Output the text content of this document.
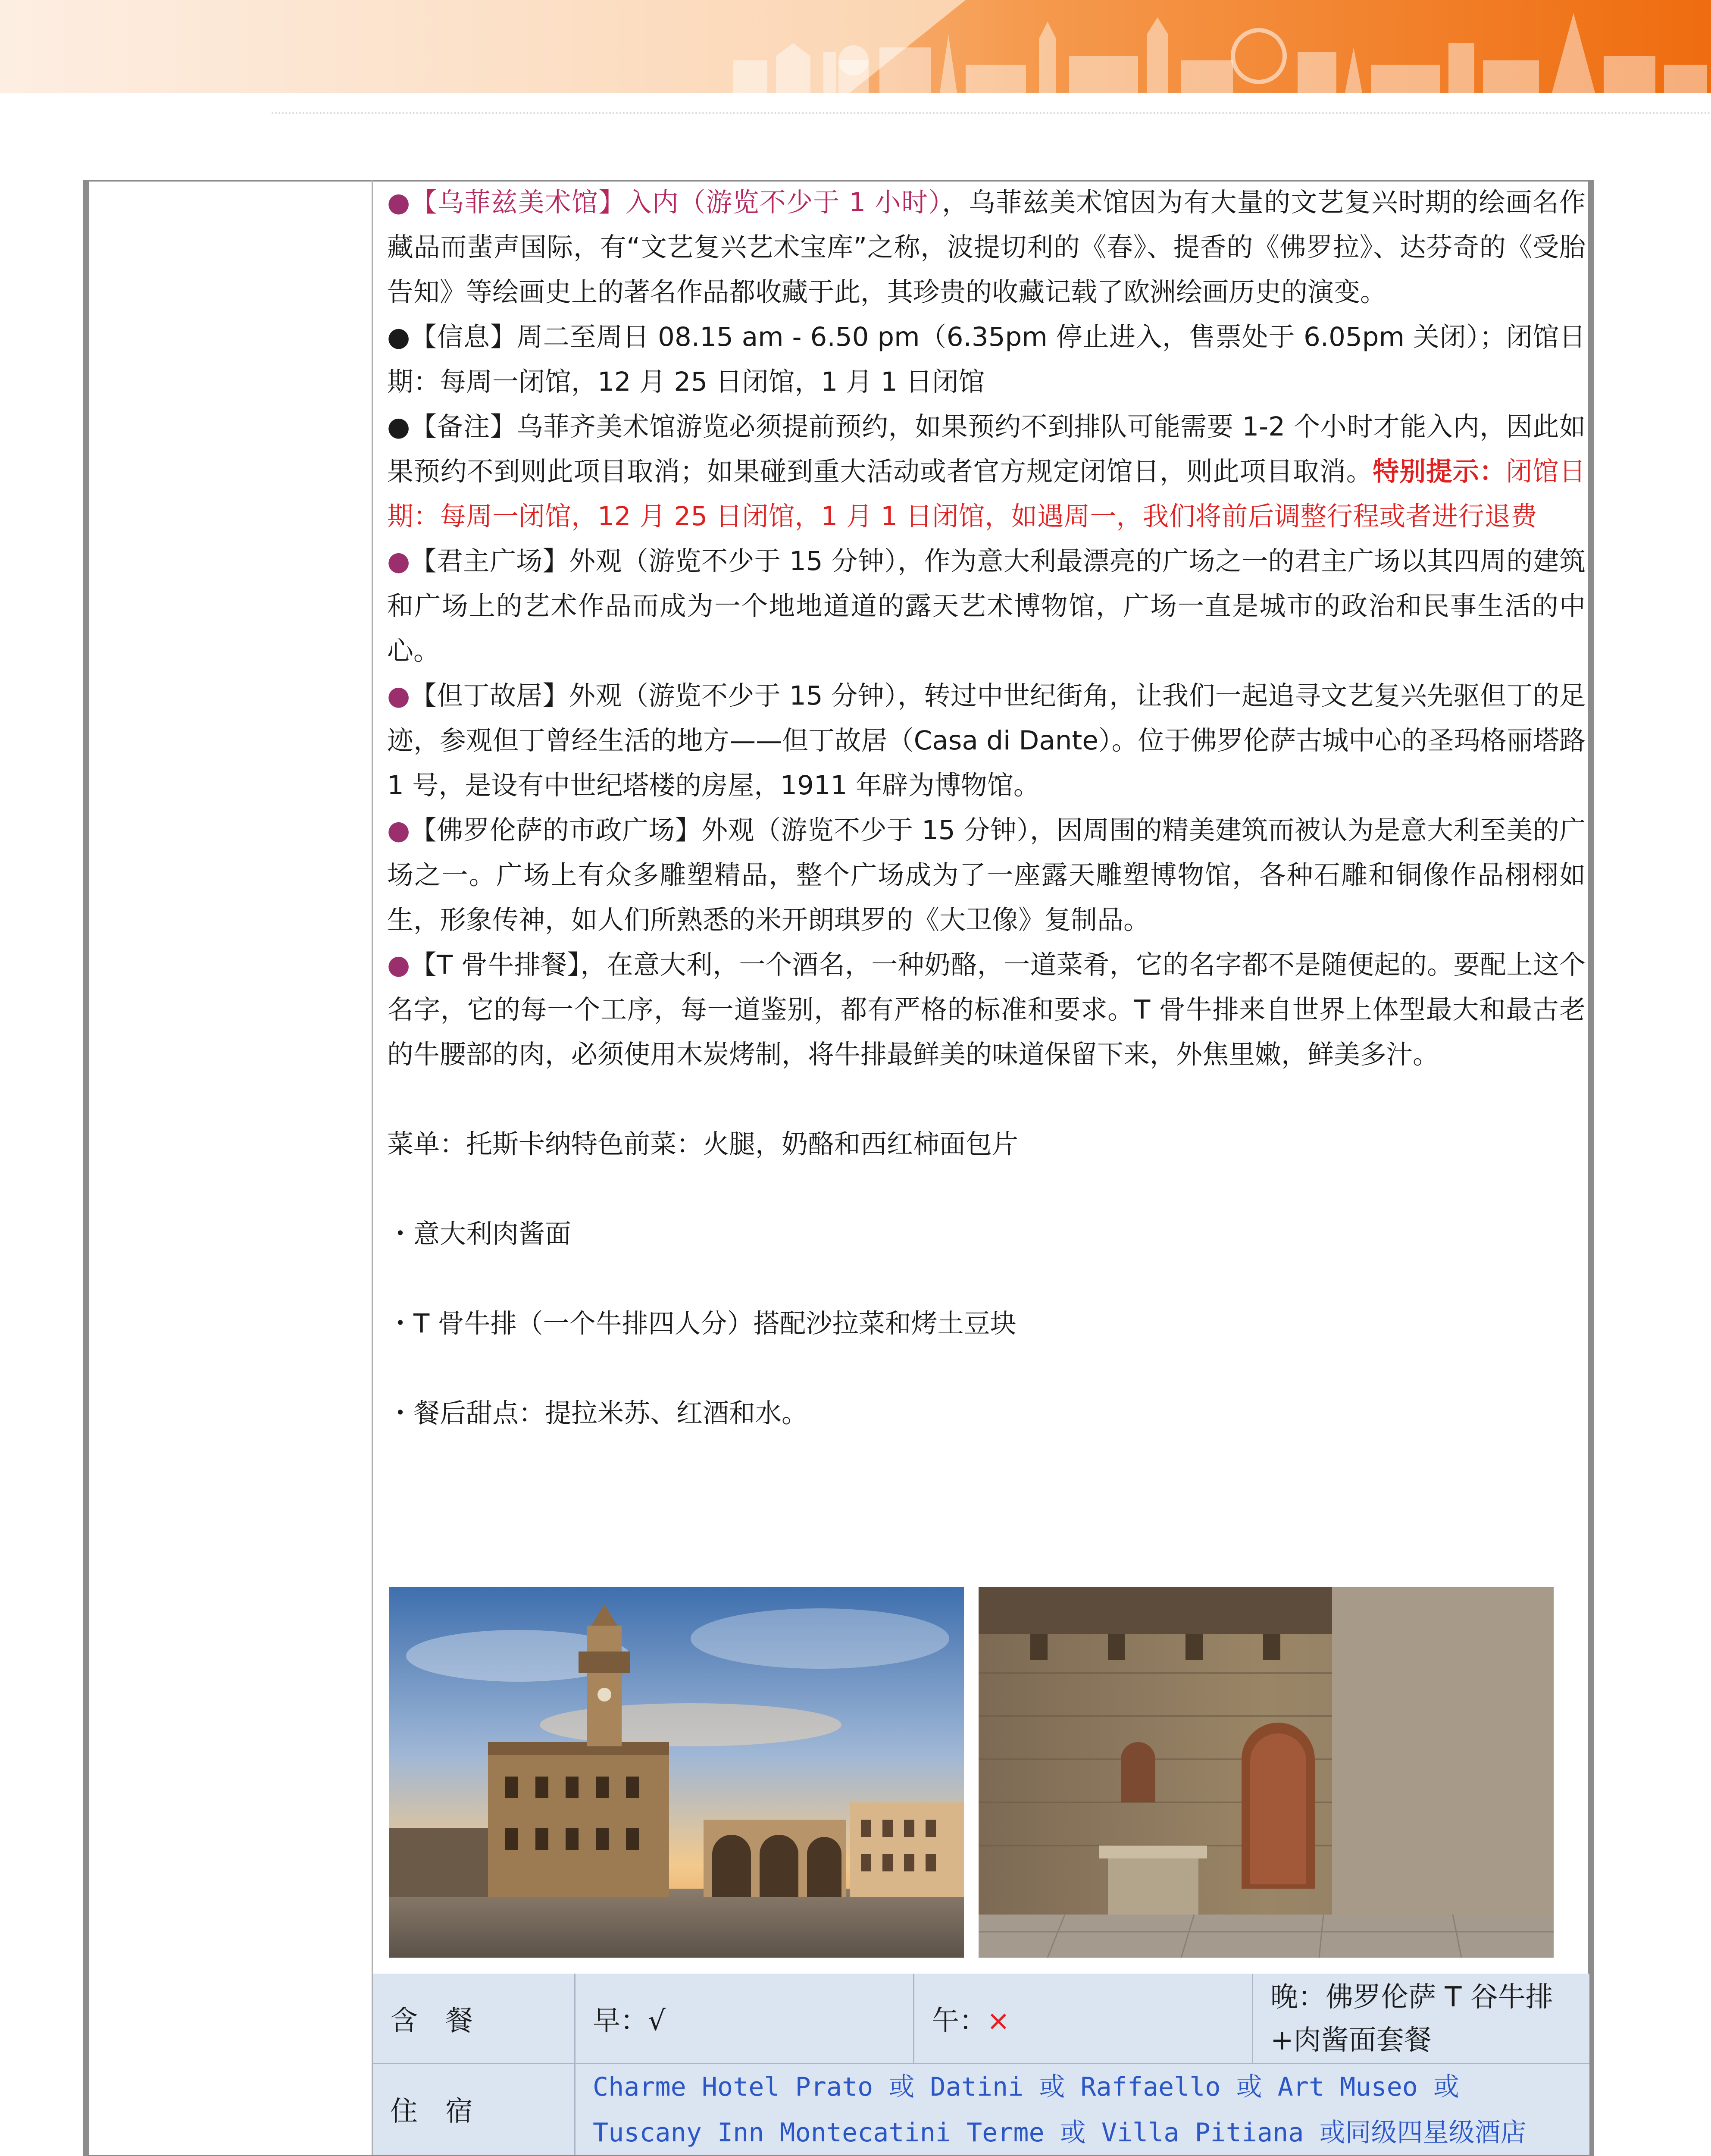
●【乌菲兹美术馆】入内（游览不少于 1 小时），乌菲兹美术馆因为有大量的文艺复兴时期的绘画名作藏品而蜚声国际，有“文艺复兴艺术宝库”之称，波提切利的《春》、提香的《佛罗拉》、达芬奇的《受胎告知》等绘画史上的著名作品都收藏于此，其珍贵的收藏记载了欧洲绘画历史的演变。

●【信息】周二至周日 08.15 am - 6.50 pm（6.35pm 停止进入，售票处于 6.05pm 关闭）；闭馆日期：每周一闭馆，12 月 25 日闭馆，1 月 1 日闭馆

●【备注】乌菲齐美术馆游览必须提前预约，如果预约不到排队可能需要 1-2 个小时才能入内，因此如果预约不到则此项目取消；如果碰到重大活动或者官方规定闭馆日，则此项目取消。特别提示：闭馆日期：每周一闭馆，12 月 25 日闭馆，1 月 1 日闭馆，如遇周一，我们将前后调整行程或者进行退费

●【君主广场】外观（游览不少于 15 分钟），作为意大利最漂亮的广场之一的君主广场以其四周的建筑和广场上的艺术作品而成为一个地地道道的露天艺术博物馆，广场一直是城市的政治和民事生活的中心。

●【但丁故居】外观（游览不少于 15 分钟），转过中世纪街角，让我们一起追寻文艺复兴先驱但丁的足迹，参观但丁曾经生活的地方——但丁故居（Casa di Dante）。位于佛罗伦萨古城中心的圣玛格丽塔路 1 号，是设有中世纪塔楼的房屋，1911 年辟为博物馆。

●【佛罗伦萨的市政广场】外观（游览不少于 15 分钟），因周围的精美建筑而被认为是意大利至美的广场之一。广场上有众多雕塑精品，整个广场成为了一座露天雕塑博物馆，各种石雕和铜像作品栩栩如生，形象传神，如人们所熟悉的米开朗琪罗的《大卫像》复制品。

●【T 骨牛排餐】，在意大利，一个酒名，一种奶酪，一道菜肴，它的名字都不是随便起的。要配上这个名字，它的每一个工序，每一道鉴别，都有严格的标准和要求。T 骨牛排来自世界上体型最大和最古老的牛腰部的肉，必须使用木炭烤制，将牛排最鲜美的味道保留下来，外焦里嫩，鲜美多汁。

菜单：托斯卡纳特色前菜：火腿，奶酪和西红柿面包片

・意大利肉酱面

・T 骨牛排（一个牛排四人分）搭配沙拉菜和烤土豆块

・餐后甜点：提拉米苏、红酒和水。

含　餐	早：√	午：×
晚：佛罗伦萨 T 谷牛排+肉酱面套餐
住　宿
Charme Hotel Prato 或 Datini 或 Raffaello 或 Art Museo 或 Tuscany Inn Montecatini Terme 或 Villa Pitiana 或同级四星级酒店
